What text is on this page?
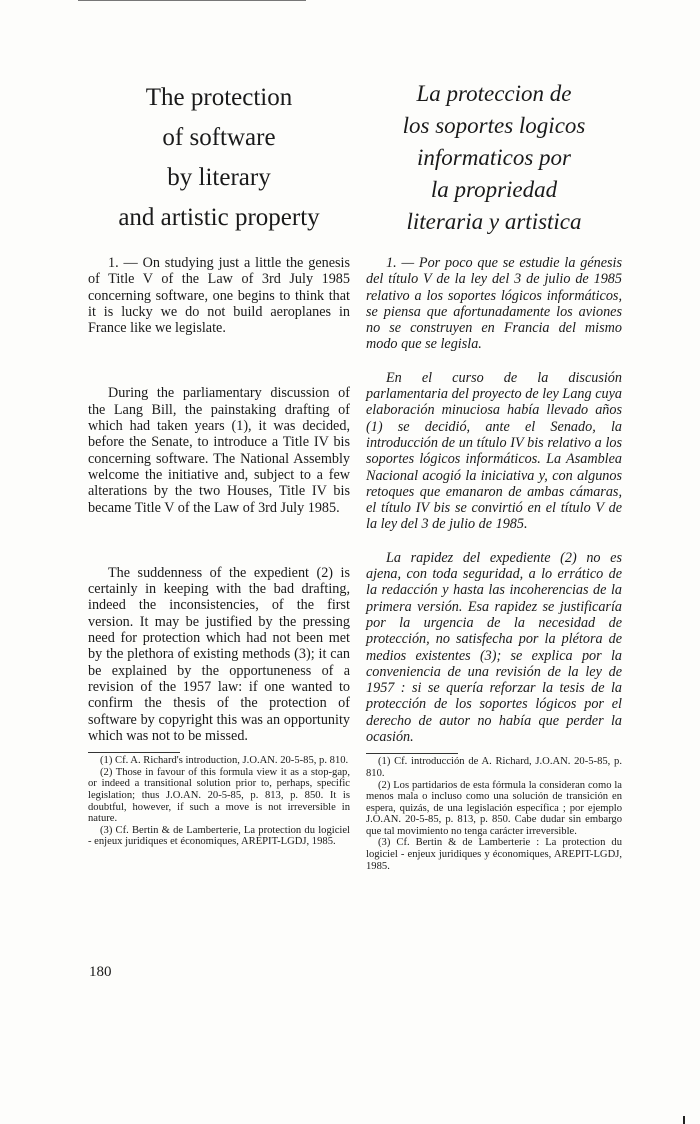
The protection
of software
by literary
and artistic property

1. — On studying just a little the genesis of Title V of the Law of 3rd July 1985 concerning software, one begins to think that it is lucky we do not build aeroplanes in France like we legislate.

During the parliamentary discussion of the Lang Bill, the painstaking drafting of which had taken years (1), it was decided, before the Senate, to introduce a Title IV bis concerning software. The National Assembly welcome the initiative and, subject to a few alterations by the two Houses, Title IV bis became Title V of the Law of 3rd July 1985.

The suddenness of the expedient (2) is certainly in keeping with the bad drafting, indeed the inconsistencies, of the first version. It may be justified by the pressing need for protection which had not been met by the plethora of existing methods (3); it can be explained by the opportuneness of a revision of the 1957 law: if one wanted to confirm the thesis of the protection of software by copyright this was an opportunity which was not to be missed.

(1) Cf. A. Richard's introduction, J.O.AN. 20-5-85, p. 810.

(2) Those in favour of this formula view it as a stop-gap, or indeed a transitional solution prior to, perhaps, specific legislation; thus J.O.AN. 20-5-85, p. 813, p. 850. It is doubtful, however, if such a move is not irreversible in nature.

(3) Cf. Bertin & de Lamberterie, La protection du logiciel - enjeux juridiques et économiques, AREPIT-LGDJ, 1985.

La proteccion de
los soportes logicos
informaticos por
la propriedad
literaria y artistica

1. — Por poco que se estudie la génesis del título V de la ley del 3 de julio de 1985 relativo a los soportes lógicos informáticos, se piensa que afortunadamente los aviones no se construyen en Francia del mismo modo que se legisla.

En el curso de la discusión parlamentaria del proyecto de ley Lang cuya elaboración minuciosa había llevado años (1) se decidió, ante el Senado, la introducción de un título IV bis relativo a los soportes lógicos informáticos. La Asamblea Nacional acogió la iniciativa y, con algunos retoques que emanaron de ambas cámaras, el título IV bis se convirtió en el título V de la ley del 3 de julio de 1985.

La rapidez del expediente (2) no es ajena, con toda seguridad, a lo errático de la redacción y hasta las incoherencias de la primera versión. Esa rapidez se justificaría por la urgencia de la necesidad de protección, no satisfecha por la plétora de medios existentes (3); se explica por la conveniencia de una revisión de la ley de 1957 : si se quería reforzar la tesis de la protección de los soportes lógicos por el derecho de autor no había que perder la ocasión.

(1) Cf. introducción de A. Richard, J.O.AN. 20-5-85, p. 810.

(2) Los partidarios de esta fórmula la consideran como la menos mala o incluso como una solución de transición en espera, quizás, de una legislación específica ; por ejemplo J.O.AN. 20-5-85, p. 813, p. 850. Cabe dudar sin embargo que tal movimiento no tenga carácter irreversible.

(3) Cf. Bertin & de Lamberterie : La protection du logiciel - enjeux juridiques y économiques, AREPIT-LGDJ, 1985.

180
